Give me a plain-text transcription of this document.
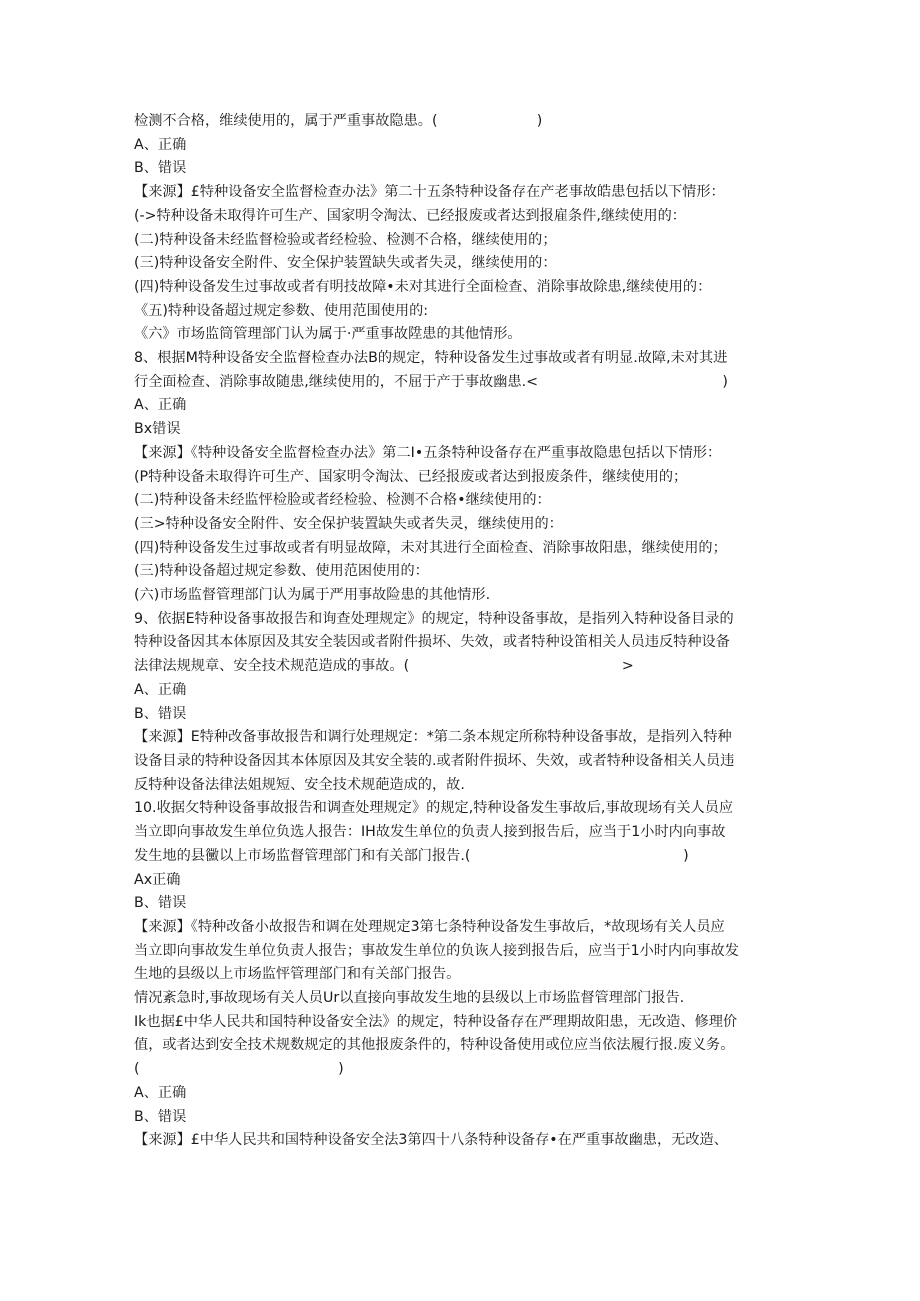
检测不合格，维续使用的，属于严重事故隐患。(　　　　　　　)
A、正确
B、错误
【来源】£特种设备安全监督检查办法》第二十五条特种设备存在产老事故皓患包括以下情形：
(->特种设备未取得许可生产、国家明令淘汰、已经报废或者达到报雇条件,继续使用的：
(二)特种设备未经监督检验或者经检验、检测不合格，继续使用的；
(三)特种设备安全附件、安全保护装置缺失或者失灵，继续使用的：
(四)特种设备发生过事故或者有明技故障•未对其进行全面检查、消除事故除患,继续使用的：
《五)特种设备超过规定参数、使用范围使用的:
《六》市场监筒管理部门认为属于·严重事故陞患的其他情形。
8、根据M特种设备安全监督检查办法B的规定，特种设备发生过事故或者有明显.故障,未对其进
行全面检查、消除事故随患,继续使用的，不屈于产于事故幽患.<　　　　　　　　　　　　　)
A、正确
Bx错误
【来源】《特种设备安全监督检查办法》第二I•五条特种设备存在严重事故隐患包括以下情形：
(P特种设备未取得许可生产、国家明令淘汰、已经报废或者达到报废条件，继续使用的；
(二)特种设备未经监怦检脸或者经检验、检测不合格•继续使用的：
(三>特种设备安全附件、安全保护装置缺失或者失灵，继续使用的：
(四)特种设备发生过事故或者有明显故障，未对其进行全面检查、消除事故阳患，继续使用的；
(三)特种设备超过规定参数、使用范困使用的：
(六)市场监督管理部门认为属于严用事故险患的其他情形.
9、依据E特种设备事故报告和询查处理规定》的规定，特种设备事故，是指列入特种设备目录的
特种设备因其本体原因及其安全装因或者附件损坏、失效，或者特种设笛相关人员违反特种设备
法律法规规章、安全技术规范造成的事故。(　　　　　　　　　　　　　　　>
A、正确
B、错误
【来源】E特种改备事故报告和调行处理规定：*第二条本规定所称特种设备事故，是指列入特种
设备目录的特种设备因其本体原因及其安全装的.或者附件损坏、失效，或者特种设备相关人员违
反特种设备法律法姐规短、安全技术规葩造成的，故.
10.收据攵特种设备事故报告和调查处理规定》的规定,特种设备发生事故后,事故现场有关人员应
当立即向事故发生单位负选人报告：IH故发生单位的负责人接到报告后，应当于1小时内向事故
发生地的县黴以上市场监督管理部门和有关部门报告.(　　　　　　　　　　　　　　　)
Ax正确
B、错误
【来源】《特种改备小故报告和调在处理规定3第七条特种设备发生事故后，*故现场有关人员应
当立即向事故发生单位负责人报告；事故发生单位的负诙人接到报告后，应当于1小时内向事故发
生地的县级以上市场监怦管理部门和有关部门报告。
情况紊急时,事故现场有关人员Ur以直接向事故发生地的县级以上市场监督管理部门报告.
Ik也据£中华人民共和国特种设备安全法》的规定，特种设备存在严理期故阳患，无改造、修理价
值，或者达到安全技术规数规定的其他报废条件的，特种设备使用或位应当依法履行报.废义务。
(　　　　　　　　　　　　　　)
A、正确
B、错误
【来源】£中华人民共和国特种设备安全法3第四十八条特种设备存•在严重事故幽患，无改造、
